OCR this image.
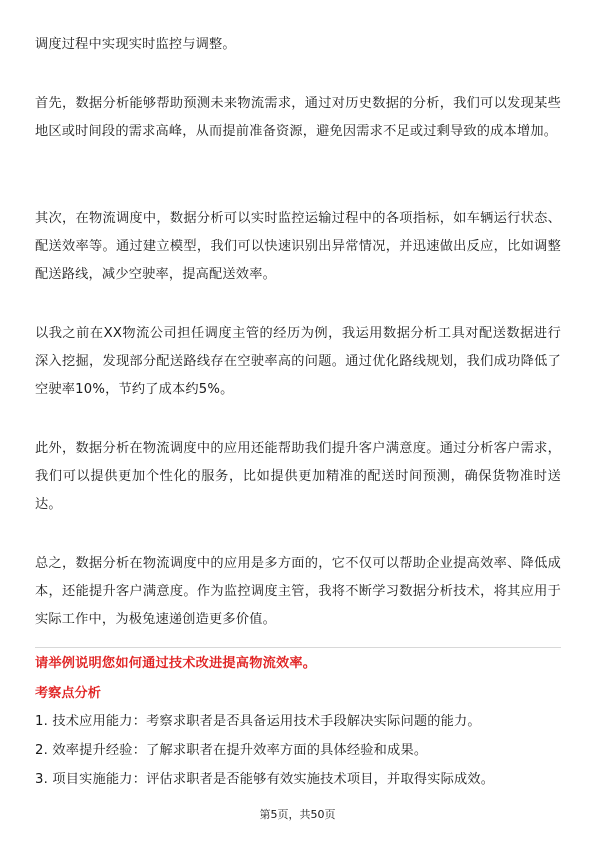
调度过程中实现实时监控与调整。

首先，数据分析能够帮助预测未来物流需求，通过对历史数据的分析，我们可以发现某些地区或时间段的需求高峰，从而提前准备资源，避免因需求不足或过剩导致的成本增加。

其次，在物流调度中，数据分析可以实时监控运输过程中的各项指标，如车辆运行状态、配送效率等。通过建立模型，我们可以快速识别出异常情况，并迅速做出反应，比如调整配送路线，减少空驶率，提高配送效率。

以我之前在XX物流公司担任调度主管的经历为例，我运用数据分析工具对配送数据进行深入挖掘，发现部分配送路线存在空驶率高的问题。通过优化路线规划，我们成功降低了空驶率10%，节约了成本约5%。

此外，数据分析在物流调度中的应用还能帮助我们提升客户满意度。通过分析客户需求，我们可以提供更加个性化的服务，比如提供更加精准的配送时间预测，确保货物准时送达。

总之，数据分析在物流调度中的应用是多方面的，它不仅可以帮助企业提高效率、降低成本，还能提升客户满意度。作为监控调度主管，我将不断学习数据分析技术，将其应用于实际工作中，为极兔速递创造更多价值。

请举例说明您如何通过技术改进提高物流效率。

考察点分析

1. 技术应用能力：考察求职者是否具备运用技术手段解决实际问题的能力。
2. 效率提升经验：了解求职者在提升效率方面的具体经验和成果。
3. 项目实施能力：评估求职者是否能够有效实施技术项目，并取得实际成效。
第5页，共50页
